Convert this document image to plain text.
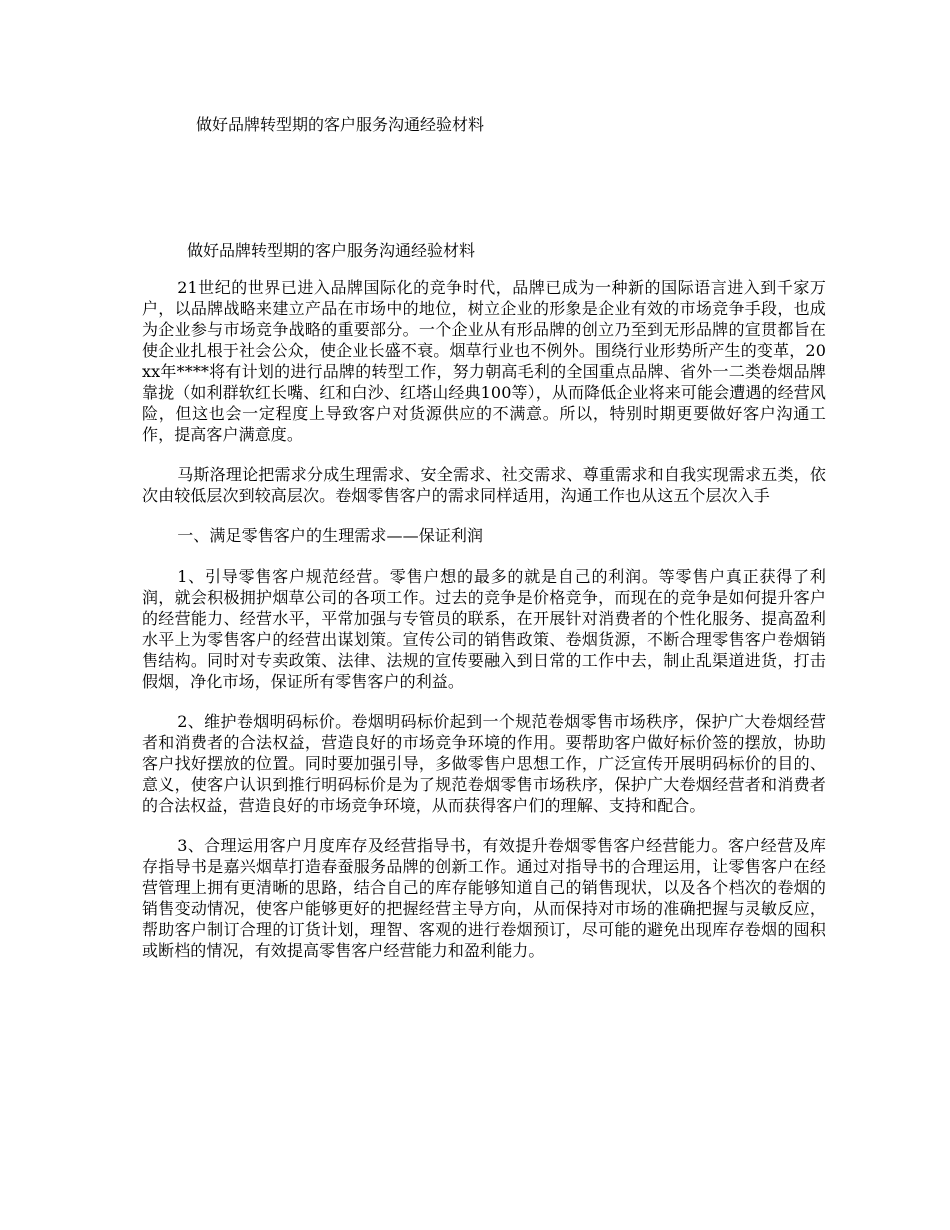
做好品牌转型期的客户服务沟通经验材料
做好品牌转型期的客户服务沟通经验材料

21世纪的世界已进入品牌国际化的竞争时代，品牌已成为一种新的国际语言进入到千家万户，以品牌战略来建立产品在市场中的地位，树立企业的形象是企业有效的市场竞争手段，也成为企业参与市场竞争战略的重要部分。一个企业从有形品牌的创立乃至到无形品牌的宣贯都旨在使企业扎根于社会公众，使企业长盛不衰。烟草行业也不例外。围绕行业形势所产生的变革，20xx年****将有计划的进行品牌的转型工作，努力朝高毛利的全国重点品牌、省外一二类卷烟品牌靠拢（如利群软红长嘴、红和白沙、红塔山经典100等），从而降低企业将来可能会遭遇的经营风险，但这也会一定程度上导致客户对货源供应的不满意。所以，特别时期更要做好客户沟通工作，提高客户满意度。

马斯洛理论把需求分成生理需求、安全需求、社交需求、尊重需求和自我实现需求五类，依次由较低层次到较高层次。卷烟零售客户的需求同样适用，沟通工作也从这五个层次入手

一、满足零售客户的生理需求——保证利润

1、引导零售客户规范经营。零售户想的最多的就是自己的利润。等零售户真正获得了利润，就会积极拥护烟草公司的各项工作。过去的竞争是价格竞争，而现在的竞争是如何提升客户的经营能力、经营水平，平常加强与专管员的联系，在开展针对消费者的个性化服务、提高盈利水平上为零售客户的经营出谋划策。宣传公司的销售政策、卷烟货源，不断合理零售客户卷烟销售结构。同时对专卖政策、法律、法规的宣传要融入到日常的工作中去，制止乱渠道进货，打击假烟，净化市场，保证所有零售客户的利益。

2、维护卷烟明码标价。卷烟明码标价起到一个规范卷烟零售市场秩序，保护广大卷烟经营者和消费者的合法权益，营造良好的市场竞争环境的作用。要帮助客户做好标价签的摆放，协助客户找好摆放的位置。同时要加强引导，多做零售户思想工作，广泛宣传开展明码标价的目的、意义，使客户认识到推行明码标价是为了规范卷烟零售市场秩序，保护广大卷烟经营者和消费者的合法权益，营造良好的市场竞争环境，从而获得客户们的理解、支持和配合。

3、合理运用客户月度库存及经营指导书，有效提升卷烟零售客户经营能力。客户经营及库存指导书是嘉兴烟草打造春蚕服务品牌的创新工作。通过对指导书的合理运用，让零售客户在经营管理上拥有更清晰的思路，结合自己的库存能够知道自己的销售现状，以及各个档次的卷烟的销售变动情况，使客户能够更好的把握经营主导方向，从而保持对市场的准确把握与灵敏反应，帮助客户制订合理的订货计划，理智、客观的进行卷烟预订，尽可能的避免出现库存卷烟的囤积或断档的情况，有效提高零售客户经营能力和盈利能力。
